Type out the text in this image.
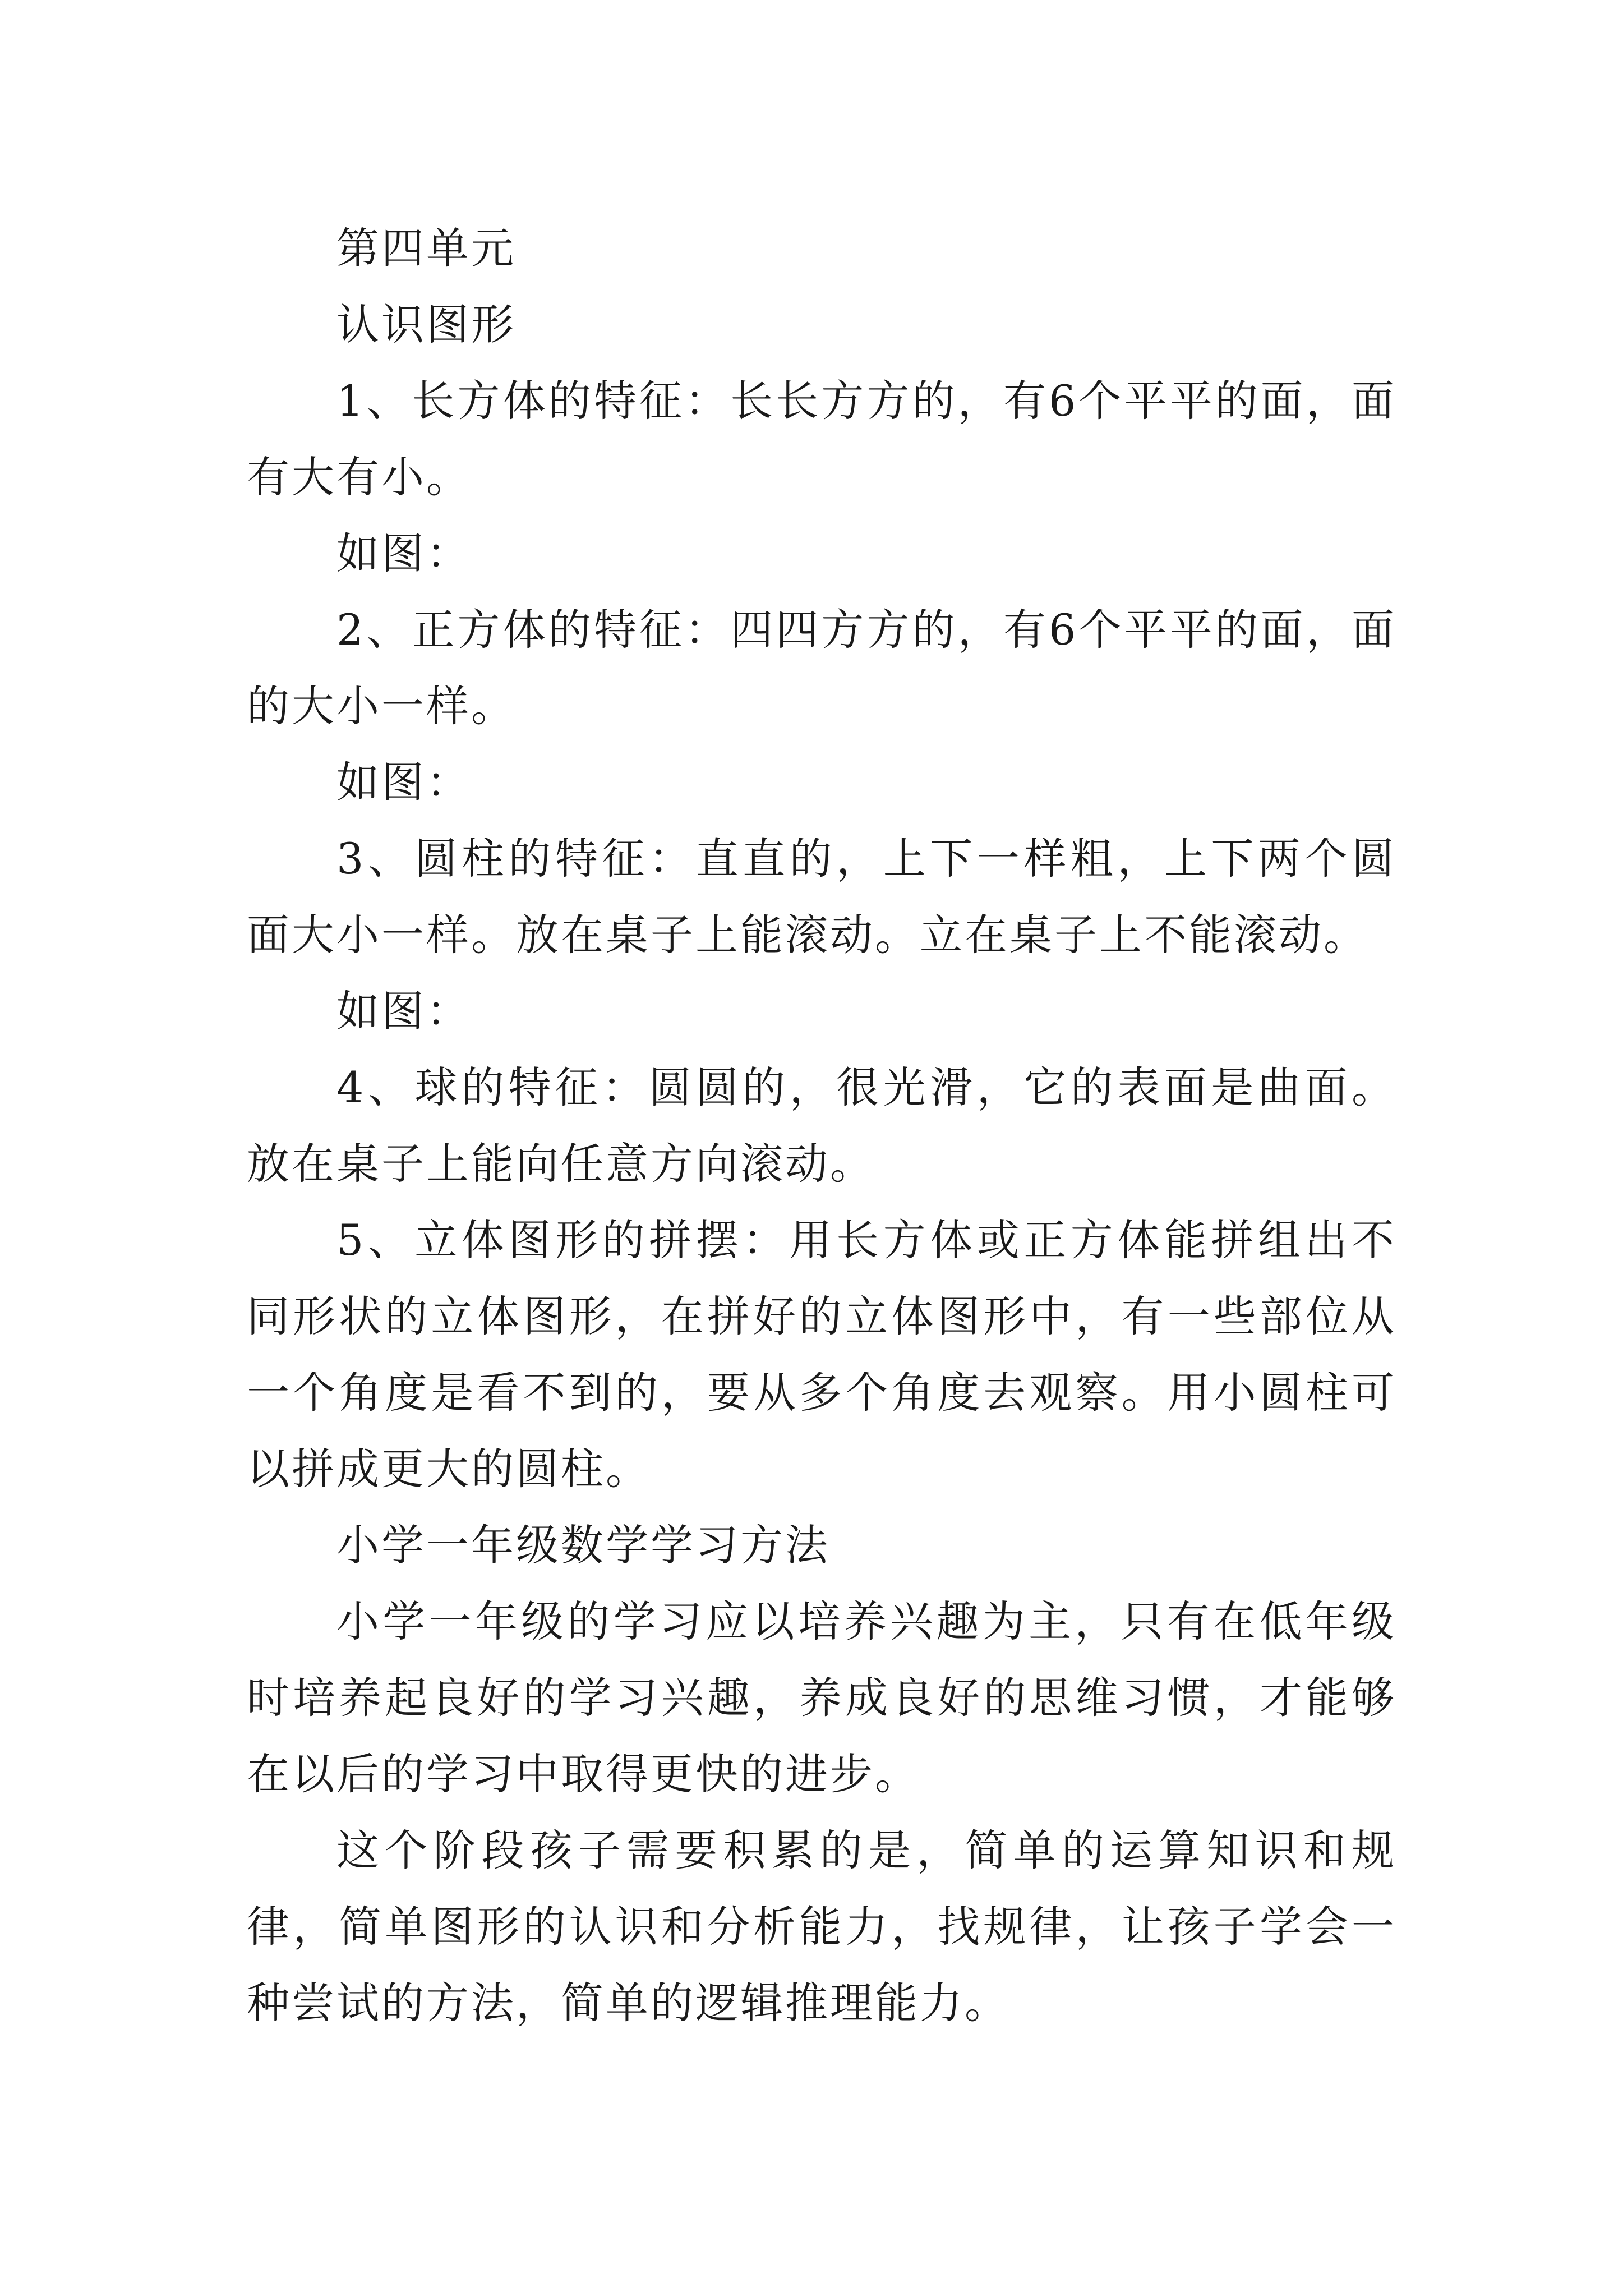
第四单元

认识图形

1、长方体的特征：长长方方的，有6个平平的面，面有大有小。

如图：

2、正方体的特征：四四方方的，有6个平平的面，面的大小一样。

如图：

3、圆柱的特征：直直的，上下一样粗，上下两个圆面大小一样。放在桌子上能滚动。立在桌子上不能滚动。

如图：

4、球的特征：圆圆的，很光滑，它的表面是曲面。放在桌子上能向任意方向滚动。

5、立体图形的拼摆：用长方体或正方体能拼组出不同形状的立体图形，在拼好的立体图形中，有一些部位从一个角度是看不到的，要从多个角度去观察。用小圆柱可以拼成更大的圆柱。

小学一年级数学学习方法

小学一年级的学习应以培养兴趣为主，只有在低年级时培养起良好的学习兴趣，养成良好的思维习惯，才能够在以后的学习中取得更快的进步。

这个阶段孩子需要积累的是，简单的运算知识和规律，简单图形的认识和分析能力，找规律，让孩子学会一种尝试的方法，简单的逻辑推理能力。
